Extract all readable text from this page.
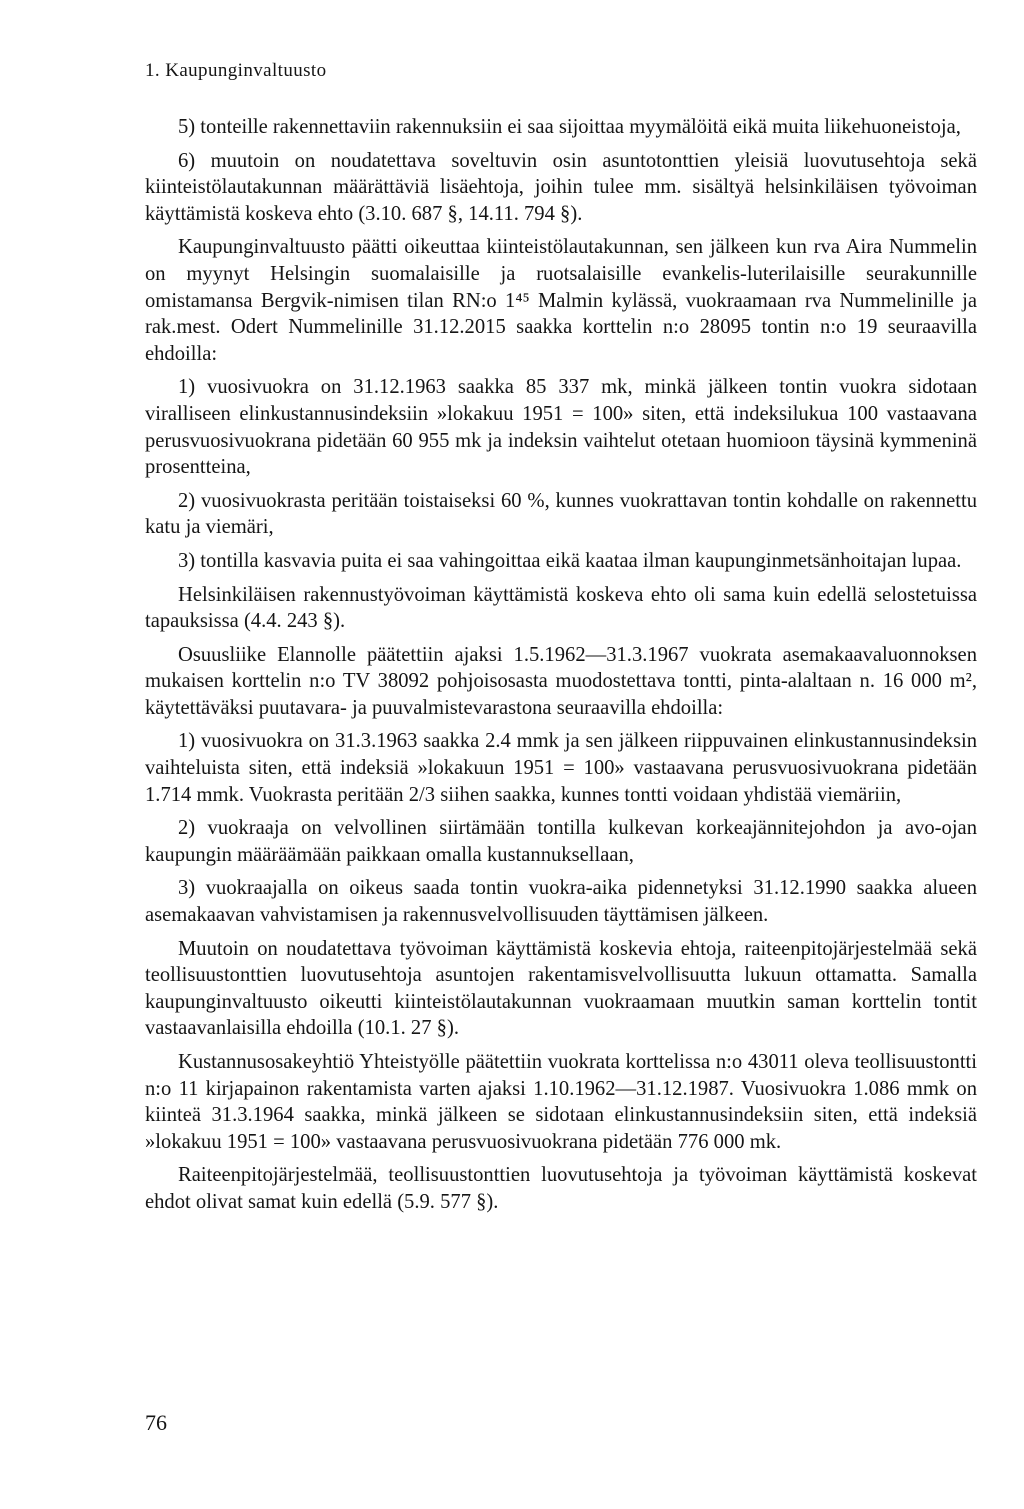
1. Kaupunginvaltuusto

5) tonteille rakennettaviin rakennuksiin ei saa sijoittaa myymälöitä eikä muita liikehuoneistoja,

6) muutoin on noudatettava soveltuvin osin asuntotonttien yleisiä luovutusehtoja sekä kiinteistölautakunnan määrättäviä lisäehtoja, joihin tulee mm. sisältyä helsinkiläisen työvoiman käyttämistä koskeva ehto (3.10. 687 §, 14.11. 794 §).

Kaupunginvaltuusto päätti oikeuttaa kiinteistölautakunnan, sen jälkeen kun rva Aira Nummelin on myynyt Helsingin suomalaisille ja ruotsalaisille evankelis-luterilaisille seurakunnille omistamansa Bergvik-nimisen tilan RN:o 1⁴⁵ Malmin kylässä, vuokraamaan rva Nummelinille ja rak.mest. Odert Nummelinille 31.12.2015 saakka korttelin n:o 28095 tontin n:o 19 seuraavilla ehdoilla:

1) vuosivuokra on 31.12.1963 saakka 85 337 mk, minkä jälkeen tontin vuokra sidotaan viralliseen elinkustannusindeksiin »lokakuu 1951 = 100» siten, että indeksilukua 100 vastaavana perusvuosivuokrana pidetään 60 955 mk ja indeksin vaihtelut otetaan huomioon täysinä kymmeninä prosentteina,

2) vuosivuokrasta peritään toistaiseksi 60 %, kunnes vuokrattavan tontin kohdalle on rakennettu katu ja viemäri,

3) tontilla kasvavia puita ei saa vahingoittaa eikä kaataa ilman kaupunginmetsänhoitajan lupaa.

Helsinkiläisen rakennustyövoiman käyttämistä koskeva ehto oli sama kuin edellä selostetuissa tapauksissa (4.4. 243 §).

Osuusliike Elannolle päätettiin ajaksi 1.5.1962—31.3.1967 vuokrata asemakaavaluonnoksen mukaisen korttelin n:o TV 38092 pohjoisosasta muodostettava tontti, pinta-alaltaan n. 16 000 m², käytettäväksi puutavara- ja puuvalmistevarastona seuraavilla ehdoilla:

1) vuosivuokra on 31.3.1963 saakka 2.4 mmk ja sen jälkeen riippuvainen elinkustannusindeksin vaihteluista siten, että indeksiä »lokakuun 1951 = 100» vastaavana perusvuosivuokrana pidetään 1.714 mmk. Vuokrasta peritään 2/3 siihen saakka, kunnes tontti voidaan yhdistää viemäriin,

2) vuokraaja on velvollinen siirtämään tontilla kulkevan korkeajännitejohdon ja avo-ojan kaupungin määräämään paikkaan omalla kustannuksellaan,

3) vuokraajalla on oikeus saada tontin vuokra-aika pidennetyksi 31.12.1990 saakka alueen asemakaavan vahvistamisen ja rakennusvelvollisuuden täyttämisen jälkeen.

Muutoin on noudatettava työvoiman käyttämistä koskevia ehtoja, raiteenpitojärjestelmää sekä teollisuustonttien luovutusehtoja asuntojen rakentamisvelvollisuutta lukuun ottamatta. Samalla kaupunginvaltuusto oikeutti kiinteistölautakunnan vuokraamaan muutkin saman korttelin tontit vastaavanlaisilla ehdoilla (10.1. 27 §).

Kustannusosakeyhtiö Yhteistyölle päätettiin vuokrata korttelissa n:o 43011 oleva teollisuustontti n:o 11 kirjapainon rakentamista varten ajaksi 1.10.1962—31.12.1987. Vuosivuokra 1.086 mmk on kiinteä 31.3.1964 saakka, minkä jälkeen se sidotaan elinkustannusindeksiin siten, että indeksiä »lokakuu 1951 = 100» vastaavana perusvuosivuokrana pidetään 776 000 mk.

Raiteenpitojärjestelmää, teollisuustonttien luovutusehtoja ja työvoiman käyttämistä koskevat ehdot olivat samat kuin edellä (5.9. 577 §).

76
